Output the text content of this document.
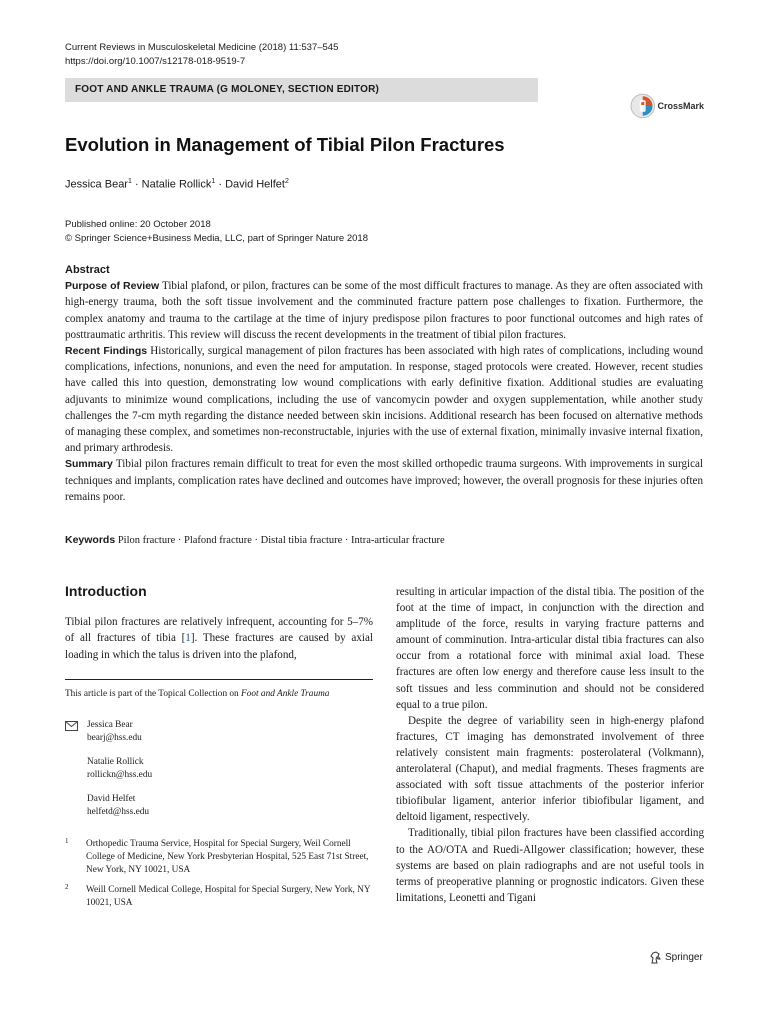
Current Reviews in Musculoskeletal Medicine (2018) 11:537–545
https://doi.org/10.1007/s12178-018-9519-7
FOOT AND ANKLE TRAUMA (G MOLONEY, SECTION EDITOR)
CrossMark
Evolution in Management of Tibial Pilon Fractures
Jessica Bear$^1$ · Natalie Rollick$^1$ · David Helfet$^2$
Published online: 20 October 2018
© Springer Science+Business Media, LLC, part of Springer Nature 2018
Abstract

Purpose of Review Tibial plafond, or pilon, fractures can be some of the most difficult fractures to manage. As they are often associated with high-energy trauma, both the soft tissue involvement and the comminuted fracture pattern pose challenges to fixation. Furthermore, the complex anatomy and trauma to the cartilage at the time of injury predispose pilon fractures to poor functional outcomes and high rates of posttraumatic arthritis. This review will discuss the recent developments in the treatment of tibial pilon fractures.

Recent Findings Historically, surgical management of pilon fractures has been associated with high rates of complications, including wound complications, infections, nonunions, and even the need for amputation. In response, staged protocols were created. However, recent studies have called this into question, demonstrating low wound complications with early definitive fixation. Additional studies are evaluating adjuvants to minimize wound complications, including the use of vancomycin powder and oxygen supplementation, while another study challenges the 7-cm myth regarding the distance needed between skin incisions. Additional research has been focused on alternative methods of managing these complex, and sometimes non-reconstructable, injuries with the use of external fixation, minimally invasive internal fixation, and primary arthrodesis.

Summary Tibial pilon fractures remain difficult to treat for even the most skilled orthopedic trauma surgeons. With improvements in surgical techniques and implants, complication rates have declined and outcomes have improved; however, the overall prognosis for these injuries often remains poor.

Keywords Pilon fracture · Plafond fracture · Distal tibia fracture · Intra-articular fracture
Introduction

Tibial pilon fractures are relatively infrequent, accounting for 5–7% of all fractures of tibia [1]. These fractures are caused by axial loading in which the talus is driven into the plafond,

This article is part of the Topical Collection on Foot and Ankle Trauma
Jessica Bear
bearj@hss.edu
Natalie Rollick
rollickn@hss.edu
David Helfet
helfetd@hss.edu
1 Orthopedic Trauma Service, Hospital for Special Surgery, Weil Cornell College of Medicine, New York Presbyterian Hospital, 525 East 71st Street, New York, NY 10021, USA
2 Weill Cornell Medical College, Hospital for Special Surgery, New York, NY 10021, USA

resulting in articular impaction of the distal tibia. The position of the foot at the time of impact, in conjunction with the direction and amplitude of the force, results in varying fracture patterns and amount of comminution. Intra-articular distal tibia fractures can also occur from a rotational force with minimal axial load. These fractures are often low energy and therefore cause less insult to the soft tissues and less comminution and should not be considered equal to a true pilon.

Despite the degree of variability seen in high-energy plafond fractures, CT imaging has demonstrated involvement of three relatively consistent main fragments: posterolateral (Volkmann), anterolateral (Chaput), and medial fragments. Theses fragments are associated with soft tissue attachments of the posterior inferior tibiofibular ligament, anterior inferior tibiofibular ligament, and deltoid ligament, respectively.

Traditionally, tibial pilon fractures have been classified according to the AO/OTA and Ruedi-Allgower classification; however, these systems are based on plain radiographs and are not useful tools in terms of preoperative planning or prognostic indicators. Given these limitations, Leonetti and Tigani

Springer
